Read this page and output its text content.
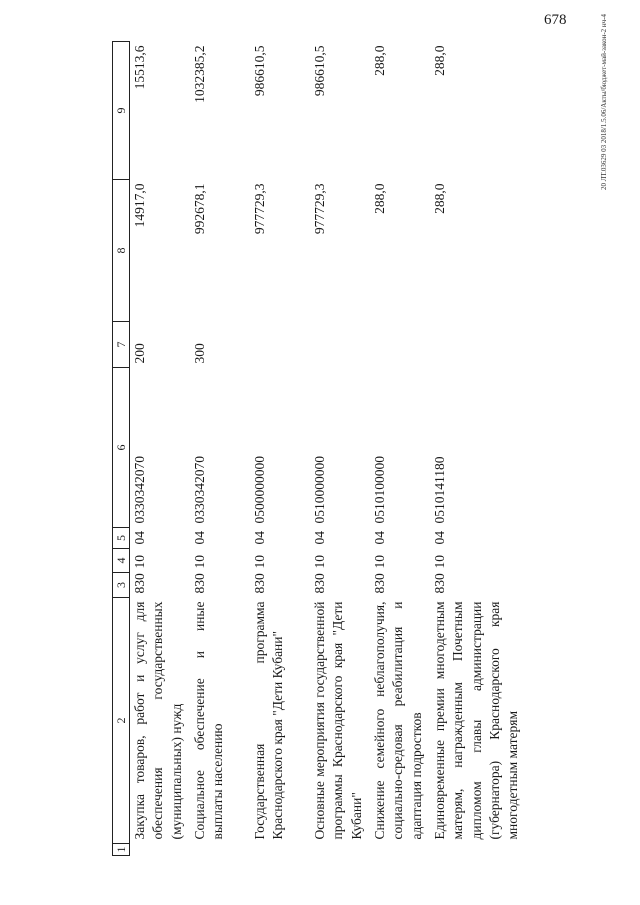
678	20 ЛТ.03629 03 2018/1.5.06/Акты/бюджет-май-закон-2 нч-4
1	2	3	4	5	6	7	8	9
	Закупка товаров, работ и услуг для обеспечения государственных (муниципальных) нужд	830	10	04	0330342070	200	14917,0	15513,6
	Социальное обеспечение и иные выплаты населению	830	10	04	0330342070	300	992678,1	1032385,2
	Государственная программа Краснодарского края "Дети Кубани"	830	10	04	0500000000		977729,3	986610,5
	Основные мероприятия государственной программы Краснодарского края "Дети Кубани"	830	10	04	0510000000		977729,3	986610,5
	Снижение семейного неблагополучия, социально-средовая реабилитация и адаптация подростков	830	10	04	0510100000		288,0	288,0
	Единовременные премии многодетным матерям, награжденным Почетным дипломом главы администрации (губернатора) Краснодарского края многодетным матерям	830	10	04	0510141180		288,0	288,0
